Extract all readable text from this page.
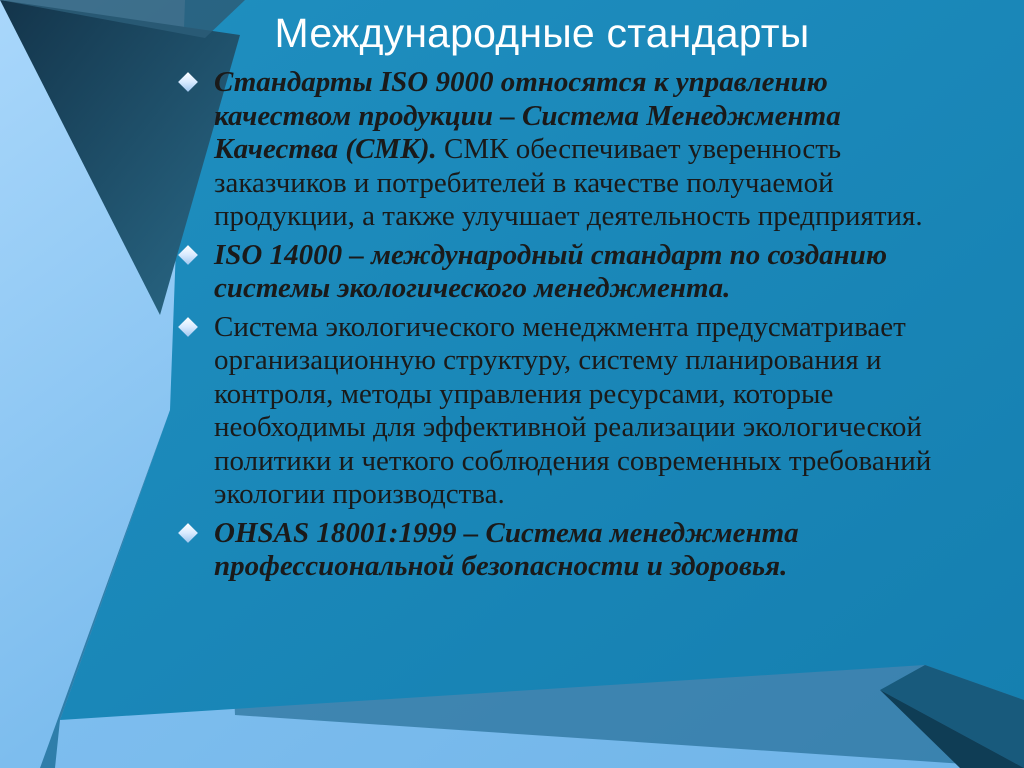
Международные стандарты
Стандарты ISO 9000 относятся к управлению качеством продукции – Система Менеджмента Качества (СМК). СМК обеспечивает уверенность заказчиков и потребителей в качестве получаемой продукции, а также улучшает деятельность предприятия.
ISO 14000 – международный стандарт по созданию системы экологического менеджмента.
Система экологического менеджмента предусматривает организационную структуру, систему планирования и контроля, методы управления ресурсами, которые необходимы для эффективной реализации экологической политики и четкого соблюдения современных требований экологии производства.
OHSAS 18001:1999 – Система менеджмента профессиональной безопасности и здоровья.
